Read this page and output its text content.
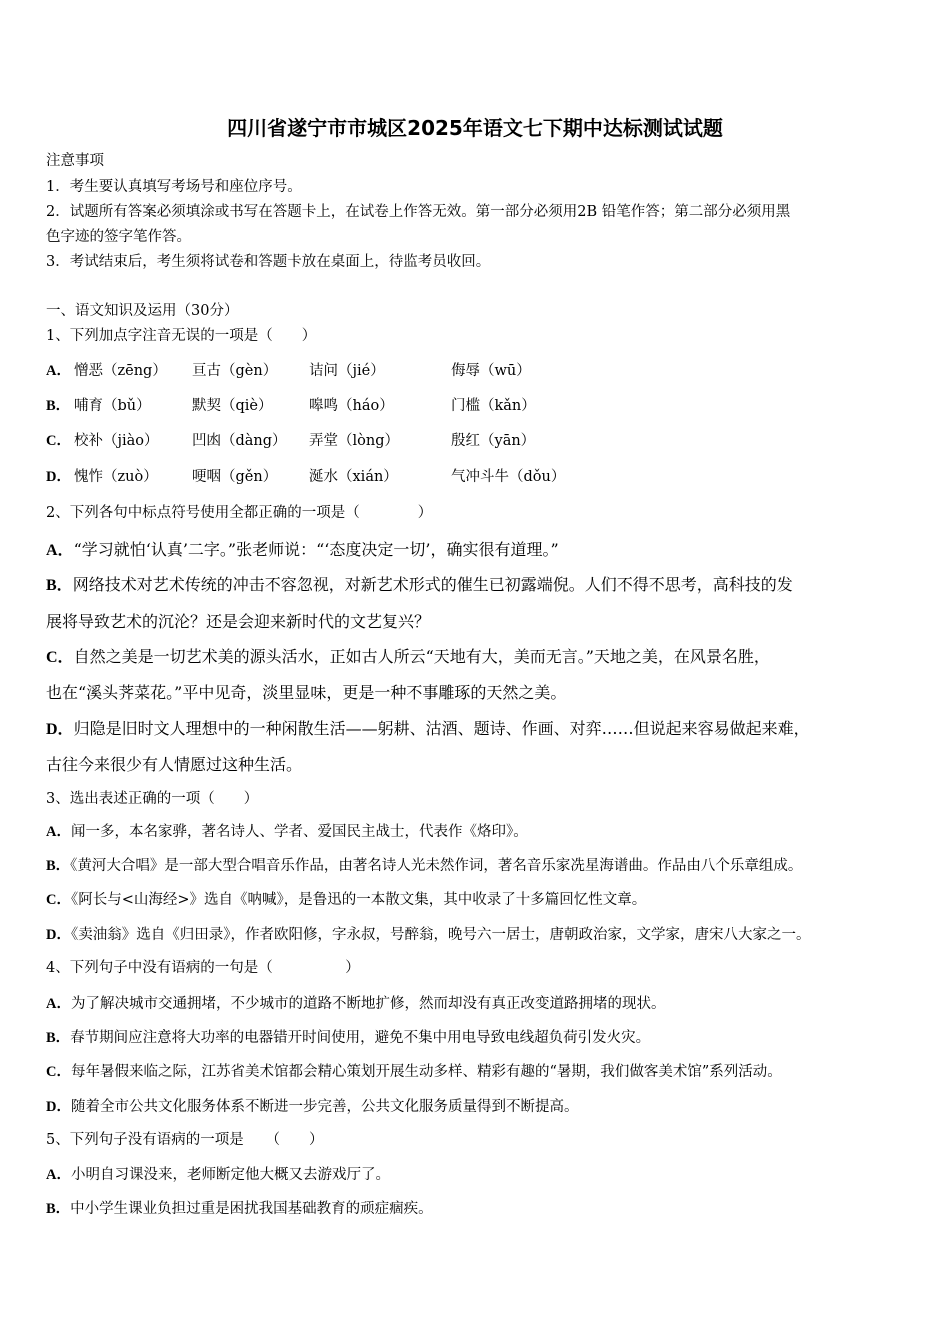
四川省遂宁市市城区2025年语文七下期中达标测试试题
注意事项
1．考生要认真填写考场号和座位序号。
2．试题所有答案必须填涂或书写在答题卡上，在试卷上作答无效。第一部分必须用2B 铅笔作答；第二部分必须用黑
色字迹的签字笔作答。
3．考试结束后，考生须将试卷和答题卡放在桌面上，待监考员收回。
一、语文知识及运用（30分）
1、下列加点字注音无误的一项是（　　）
A． 憎恶（zēng） 亘古（gèn） 诘问（jié）	侮辱（wū）
B． 哺育（bǔ）	默契（qiè）	嗥鸣（háo）	门槛（kǎn）
C． 校补（jiào） 凹凼（dàng） 弄堂（lòng）	殷红（yān）
D． 愧怍（zuò） 哽咽（gěn） 涎水（xián）	气冲斗牛（dǒu）
2、下列各句中标点符号使用全都正确的一项是（　　　　）
A．“学习就怕‘认真’二字。”张老师说：“‘态度决定一切’，确实很有道理。”
B．网络技术对艺术传统的冲击不容忽视，对新艺术形式的催生已初露端倪。人们不得不思考，高科技的发
展将导致艺术的沉沦？还是会迎来新时代的文艺复兴？
C．自然之美是一切艺术美的源头活水，正如古人所云“天地有大，美而无言。”天地之美，在风景名胜，
也在“溪头荠菜花。”平中见奇，淡里显味，更是一种不事雕琢的天然之美。
D．归隐是旧时文人理想中的一种闲散生活——躬耕、沽酒、题诗、作画、对弈……但说起来容易做起来难，
古往今来很少有人情愿过这种生活。
3、选出表述正确的一项（　　）
A．闻一多，本名家骅，著名诗人、学者、爱国民主战士，代表作《烙印》。
B．《黄河大合唱》是一部大型合唱音乐作品，由著名诗人光未然作词，著名音乐家冼星海谱曲。作品由八个乐章组成。
C．《阿长与<山海经>》选自《呐喊》，是鲁迅的一本散文集，其中收录了十多篇回忆性文章。
D．《卖油翁》选自《归田录》，作者欧阳修，字永叔，号醉翁，晚号六一居士，唐朝政治家，文学家，唐宋八大家之一。
4、下列句子中没有语病的一句是（　　　　　）
A．为了解决城市交通拥堵，不少城市的道路不断地扩修，然而却没有真正改变道路拥堵的现状。
B．春节期间应注意将大功率的电器错开时间使用，避免不集中用电导致电线超负荷引发火灾。
C．每年暑假来临之际，江苏省美术馆都会精心策划开展生动多样、精彩有趣的“暑期，我们做客美术馆”系列活动。
D．随着全市公共文化服务体系不断进一步完善，公共文化服务质量得到不断提高。
5、下列句子没有语病的一项是　　（　　）
A．小明自习课没来，老师断定他大概又去游戏厅了。
B．中小学生课业负担过重是困扰我国基础教育的顽症痼疾。
